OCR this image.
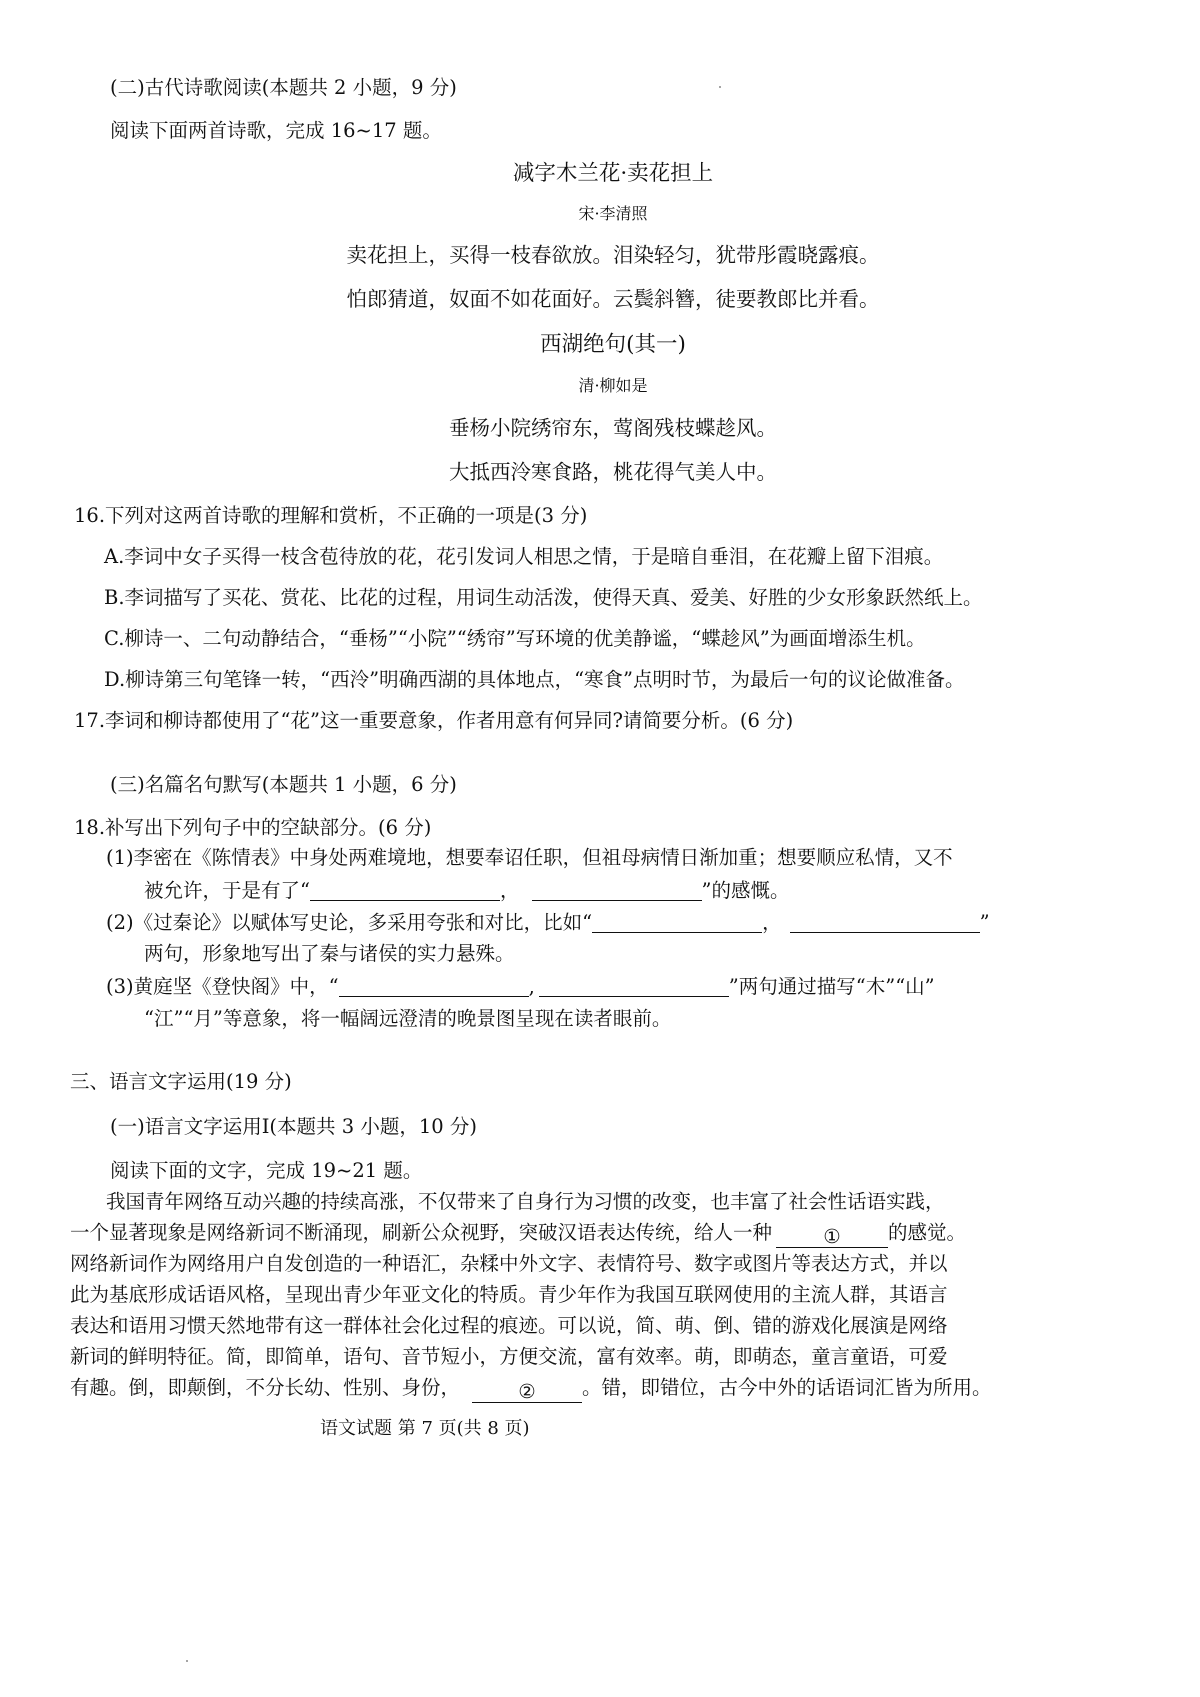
(二)古代诗歌阅读(本题共 2 小题，9 分)
阅读下面两首诗歌，完成 16~17 题。
减字木兰花·卖花担上
宋·李清照
卖花担上，买得一枝春欲放。泪染轻匀，犹带彤霞晓露痕。
怕郎猜道，奴面不如花面好。云鬓斜簪，徒要教郎比并看。
西湖绝句(其一)
清·柳如是
垂杨小院绣帘东，莺阁残枝蝶趁风。
大抵西泠寒食路，桃花得气美人中。
16.下列对这两首诗歌的理解和赏析，不正确的一项是(3 分)
A.李词中女子买得一枝含苞待放的花，花引发词人相思之情，于是暗自垂泪，在花瓣上留下泪痕。
B.李词描写了买花、赏花、比花的过程，用词生动活泼，使得天真、爱美、好胜的少女形象跃然纸上。
C.柳诗一、二句动静结合，“垂杨”“小院”“绣帘”写环境的优美静谧，“蝶趁风”为画面增添生机。
D.柳诗第三句笔锋一转，“西泠”明确西湖的具体地点，“寒食”点明时节，为最后一句的议论做准备。
17.李词和柳诗都使用了“花”这一重要意象，作者用意有何异同?请简要分析。(6 分)
(三)名篇名句默写(本题共 1 小题，6 分)
18.补写出下列句子中的空缺部分。(6 分)
(1)李密在《陈情表》中身处两难境地，想要奉诏任职，但祖母病情日渐加重；想要顺应私情，又不
被允许，于是有了“	，	”的感慨。
(2)《过秦论》以赋体写史论，多采用夸张和对比，比如“	，	”
两句，形象地写出了秦与诸侯的实力悬殊。
(3)黄庭坚《登快阁》中，“	,	”两句通过描写“木”“山”
“江”“月”等意象，将一幅阔远澄清的晚景图呈现在读者眼前。
三、语言文字运用(19 分)
(一)语言文字运用Ⅰ(本题共 3 小题，10 分)
阅读下面的文字，完成 19~21 题。
我国青年网络互动兴趣的持续高涨，不仅带来了自身行为习惯的改变，也丰富了社会性话语实践，
一个显著现象是网络新词不断涌现，刷新公众视野，突破汉语表达传统，给人一种	① 的感觉。
网络新词作为网络用户自发创造的一种语汇，杂糅中外文字、表情符号、数字或图片等表达方式，并以
此为基底形成话语风格，呈现出青少年亚文化的特质。青少年作为我国互联网使用的主流人群，其语言
表达和语用习惯天然地带有这一群体社会化过程的痕迹。可以说，简、萌、倒、错的游戏化展演是网络
新词的鲜明特征。简，即简单，语句、音节短小，方便交流，富有效率。萌，即萌态，童言童语，可爱
有趣。倒，即颠倒，不分长幼、性别、身份，	② 。错，即错位，古今中外的话语词汇皆为所用。
语文试题 第 7 页(共 8 页)
